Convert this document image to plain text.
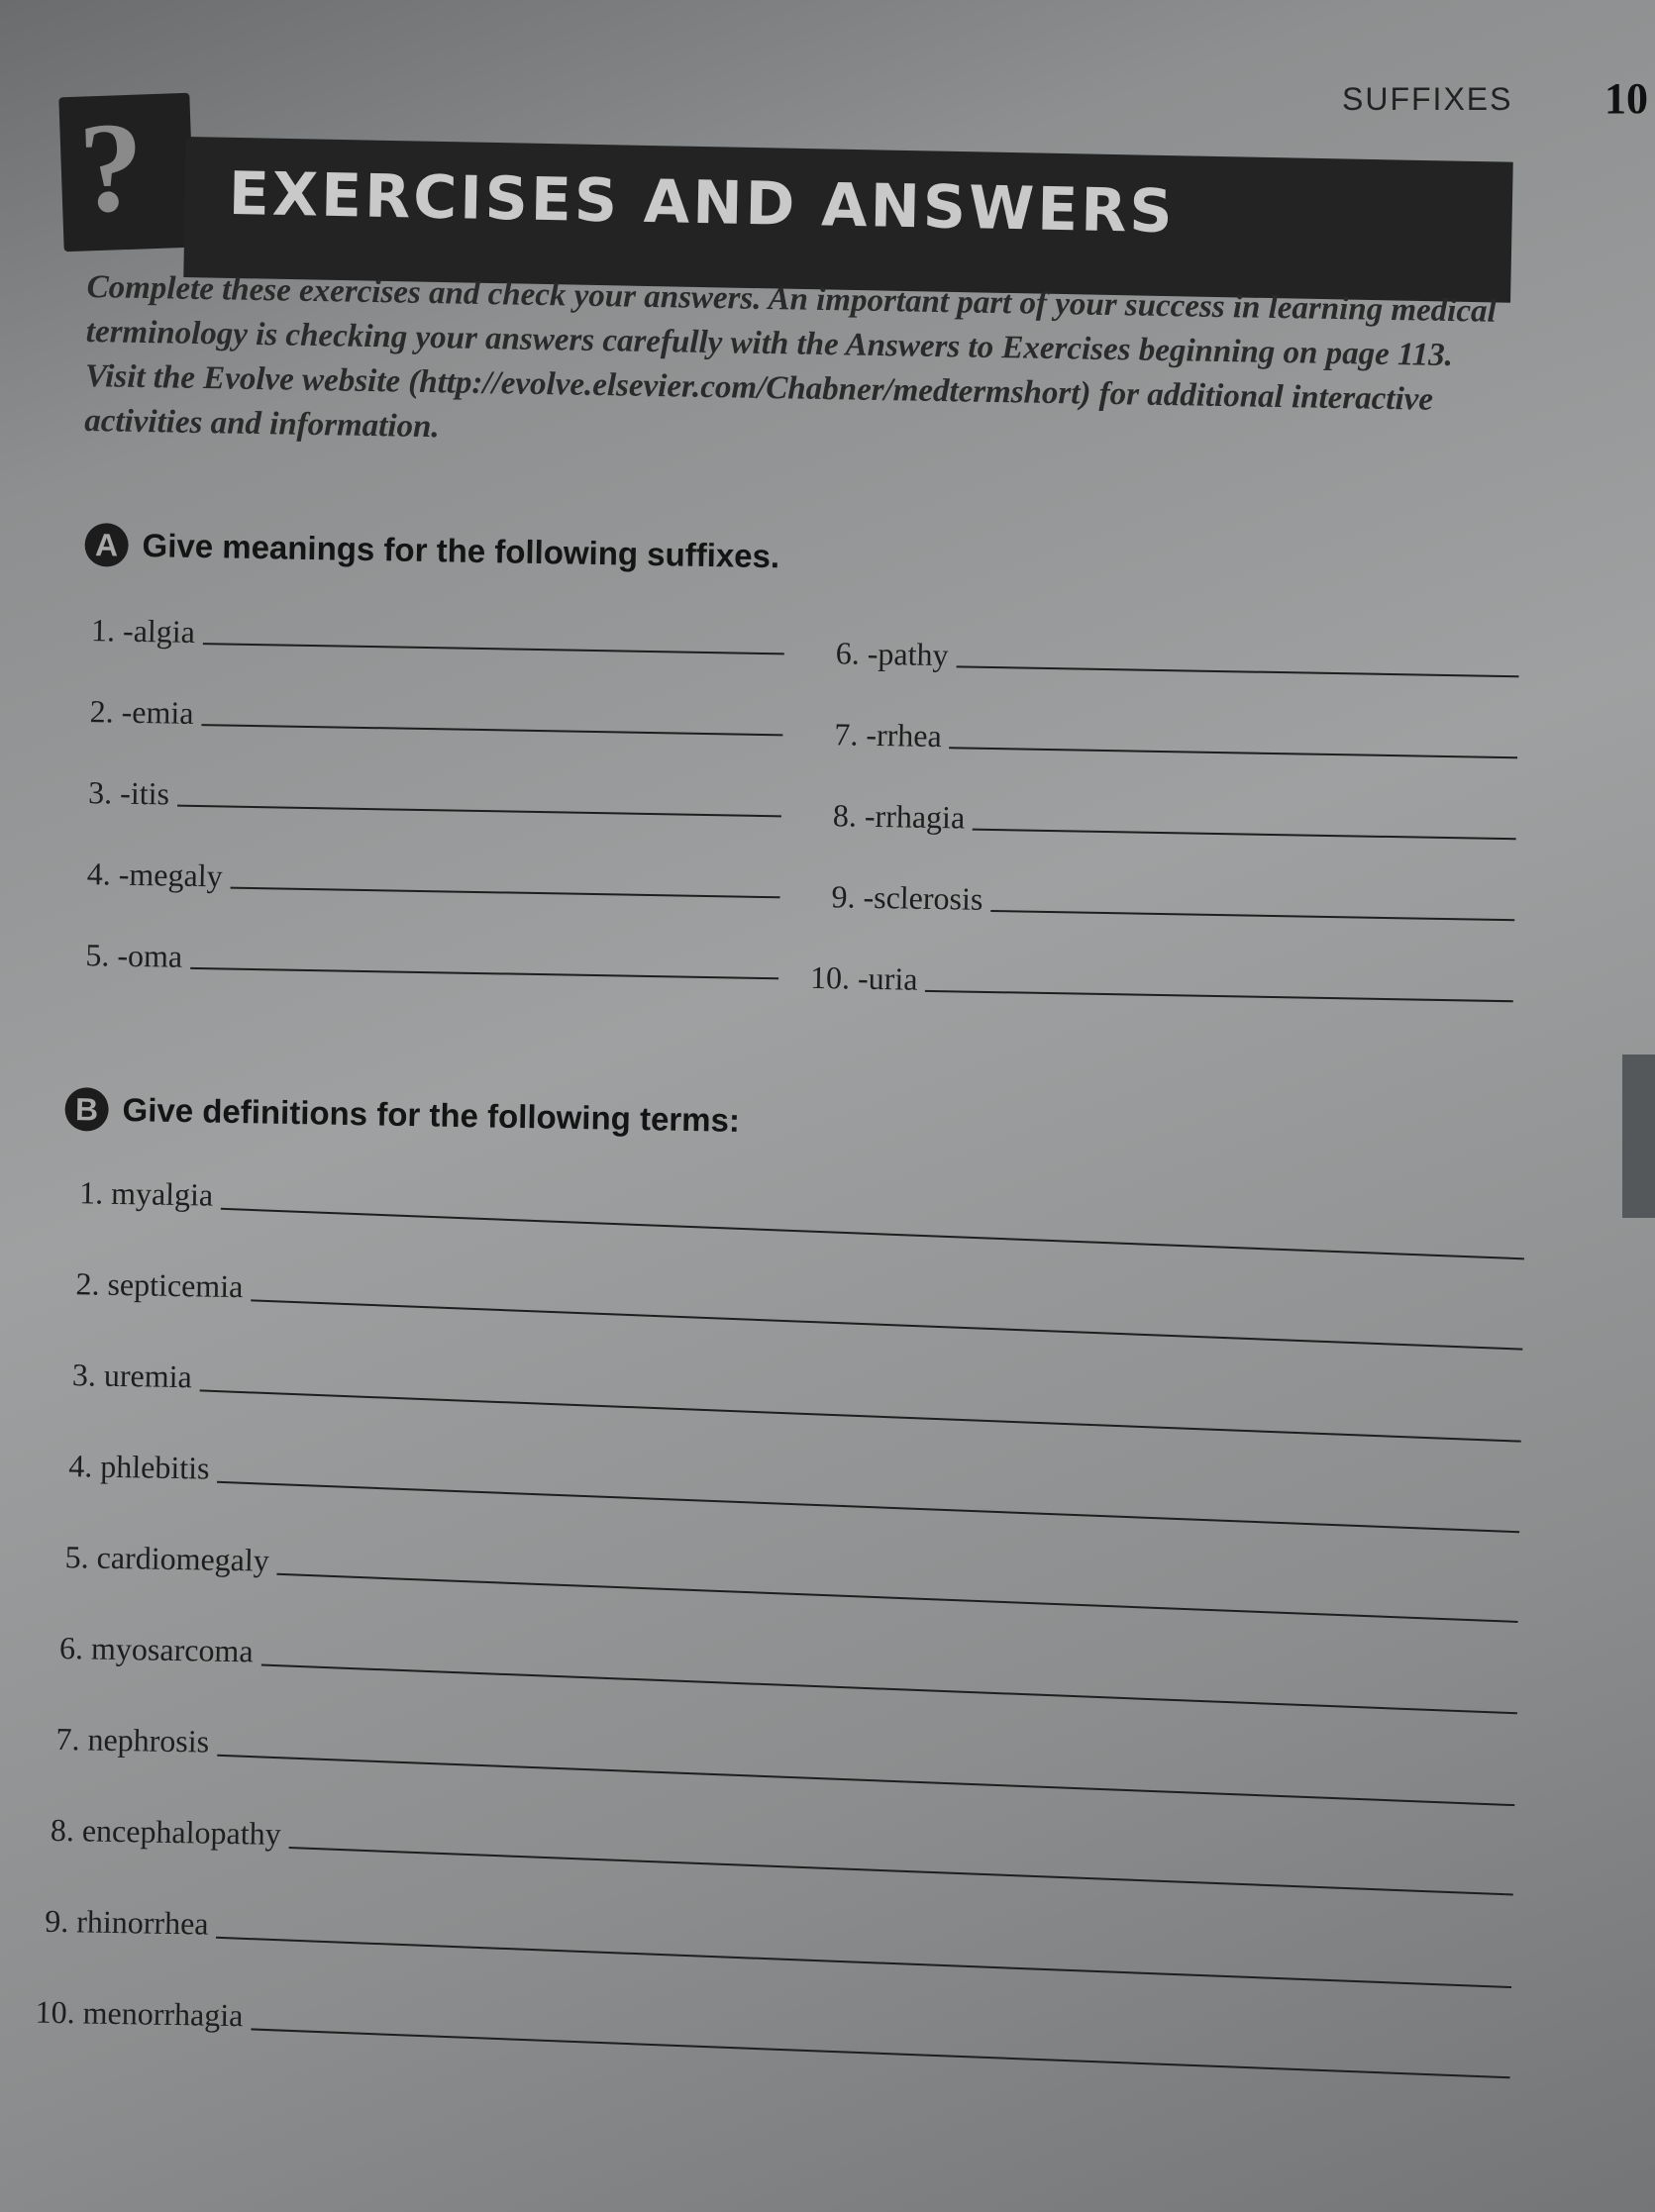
SUFFIXES 10
? EXERCISES AND ANSWERS
Complete these exercises and check your answers. An important part of your success in learning medical terminology is checking your answers carefully with the Answers to Exercises beginning on page 113. Visit the Evolve website (http://evolve.elsevier.com/Chabner/medtermshort) for additional interactive activities and information.
A Give meanings for the following suffixes.
1. -algia
2. -emia
3. -itis
4. -megaly
5. -oma
6. -pathy
7. -rrhea
8. -rrhagia
9. -sclerosis
10. -uria
B Give definitions for the following terms:
1. myalgia
2. septicemia
3. uremia
4. phlebitis
5. cardiomegaly
6. myosarcoma
7. nephrosis
8. encephalopathy
9. rhinorrhea
10. menorrhagia
